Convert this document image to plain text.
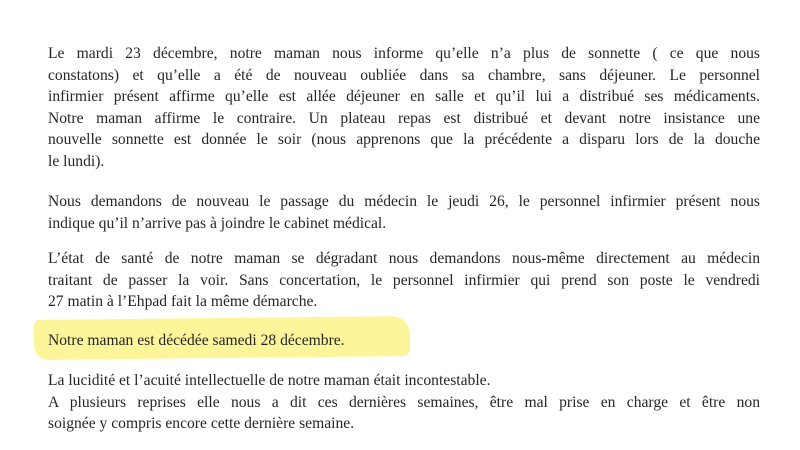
Le mardi 23 décembre, notre maman nous informe qu’elle n’a plus de sonnette ( ce que nous
constatons) et qu’elle a été de nouveau oubliée dans sa chambre, sans déjeuner. Le personnel
infirmier présent affirme qu’elle est allée déjeuner en salle et qu’il lui a distribué ses médicaments.
Notre maman affirme le contraire. Un plateau repas est distribué et devant notre insistance une
nouvelle sonnette est donnée le soir (nous apprenons que la précédente a disparu lors de la douche
le lundi).
Nous demandons de nouveau le passage du médecin le jeudi 26, le personnel infirmier présent nous
indique qu’il n’arrive pas à joindre le cabinet médical.
L’état de santé de notre maman se dégradant nous demandons nous-même directement au médecin
traitant de passer la voir. Sans concertation, le personnel infirmier qui prend son poste le vendredi
27 matin à l’Ehpad fait la même démarche.
Notre maman est décédée samedi 28 décembre.
La lucidité et l’acuité intellectuelle de notre maman était incontestable.
A plusieurs reprises elle nous a dit ces dernières semaines, être mal prise en charge et être non
soignée y compris encore cette dernière semaine.
